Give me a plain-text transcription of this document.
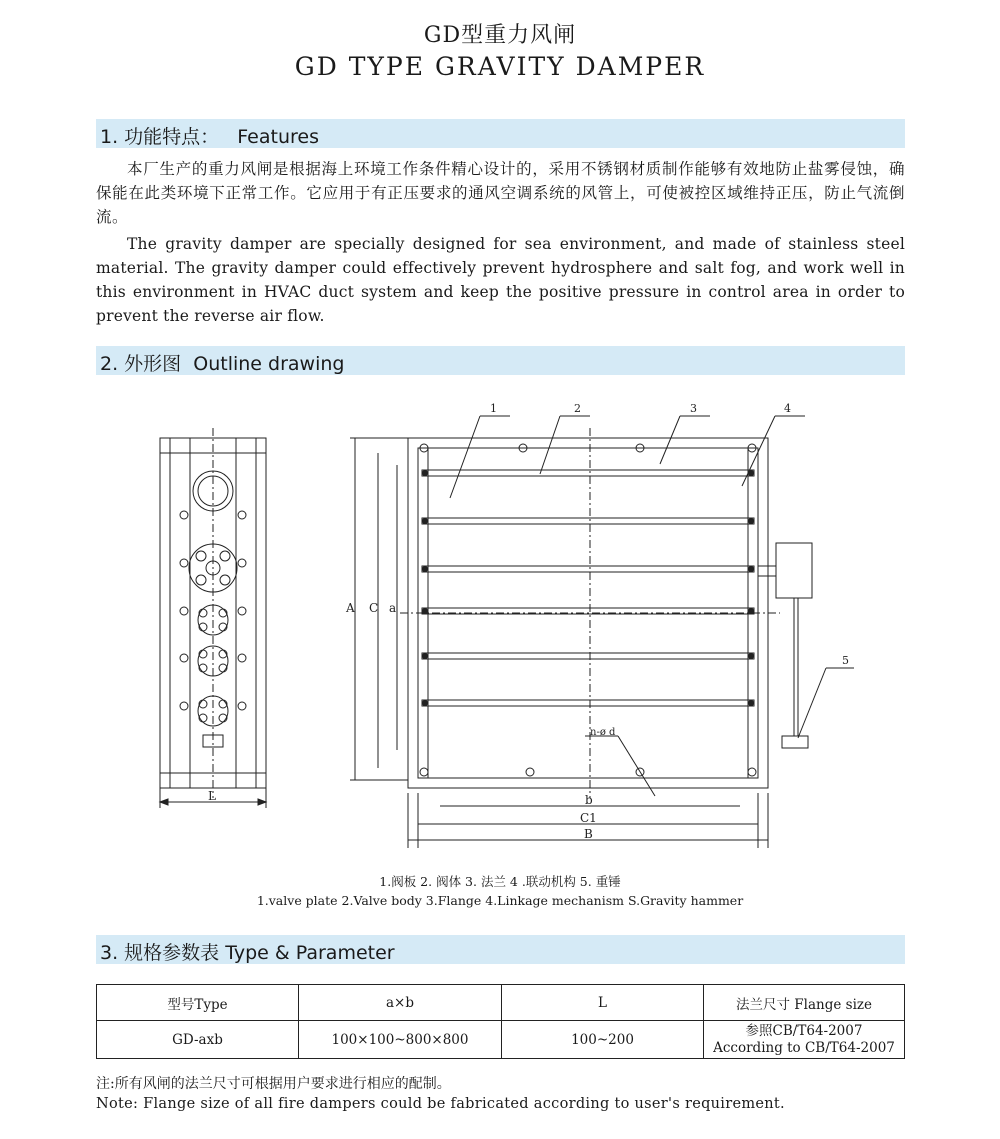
GD型重力风闸
GD TYPE GRAVITY DAMPER
1. 功能特点：   Features
本厂生产的重力风闸是根据海上环境工作条件精心设计的，采用不锈钢材质制作能够有效地防止盐雾侵蚀，确保能在此类环境下正常工作。它应用于有正压要求的通风空调系统的风管上，可使被控区域维持正压，防止气流倒流。
The gravity damper are specially designed for sea environment, and made of stainless steel material. The gravity damper could effectively prevent hydrosphere and salt fog, and work well in this environment in HVAC duct system and keep the positive pressure in control area in order to prevent the reverse air flow.
2. 外形图  Outline drawing
L
A C a
b
C1
B
n-ø d
1	2	3	4
5
1.阀板 2. 阀体 3. 法兰 4 .联动机构 5. 重锤
1.valve plate 2.Valve body 3.Flange 4.Linkage mechanism S.Gravity hammer
3. 规格参数表 Type & Parameter
型号Type	a×b	L	法兰尺寸 Flange size
GD-axb	100×100~800×800	100~200	参照CB/T64-2007
According to CB/T64-2007
注:所有风闸的法兰尺寸可根据用户要求进行相应的配制。
Note: Flange size of all fire dampers could be fabricated according to user's requirement.
